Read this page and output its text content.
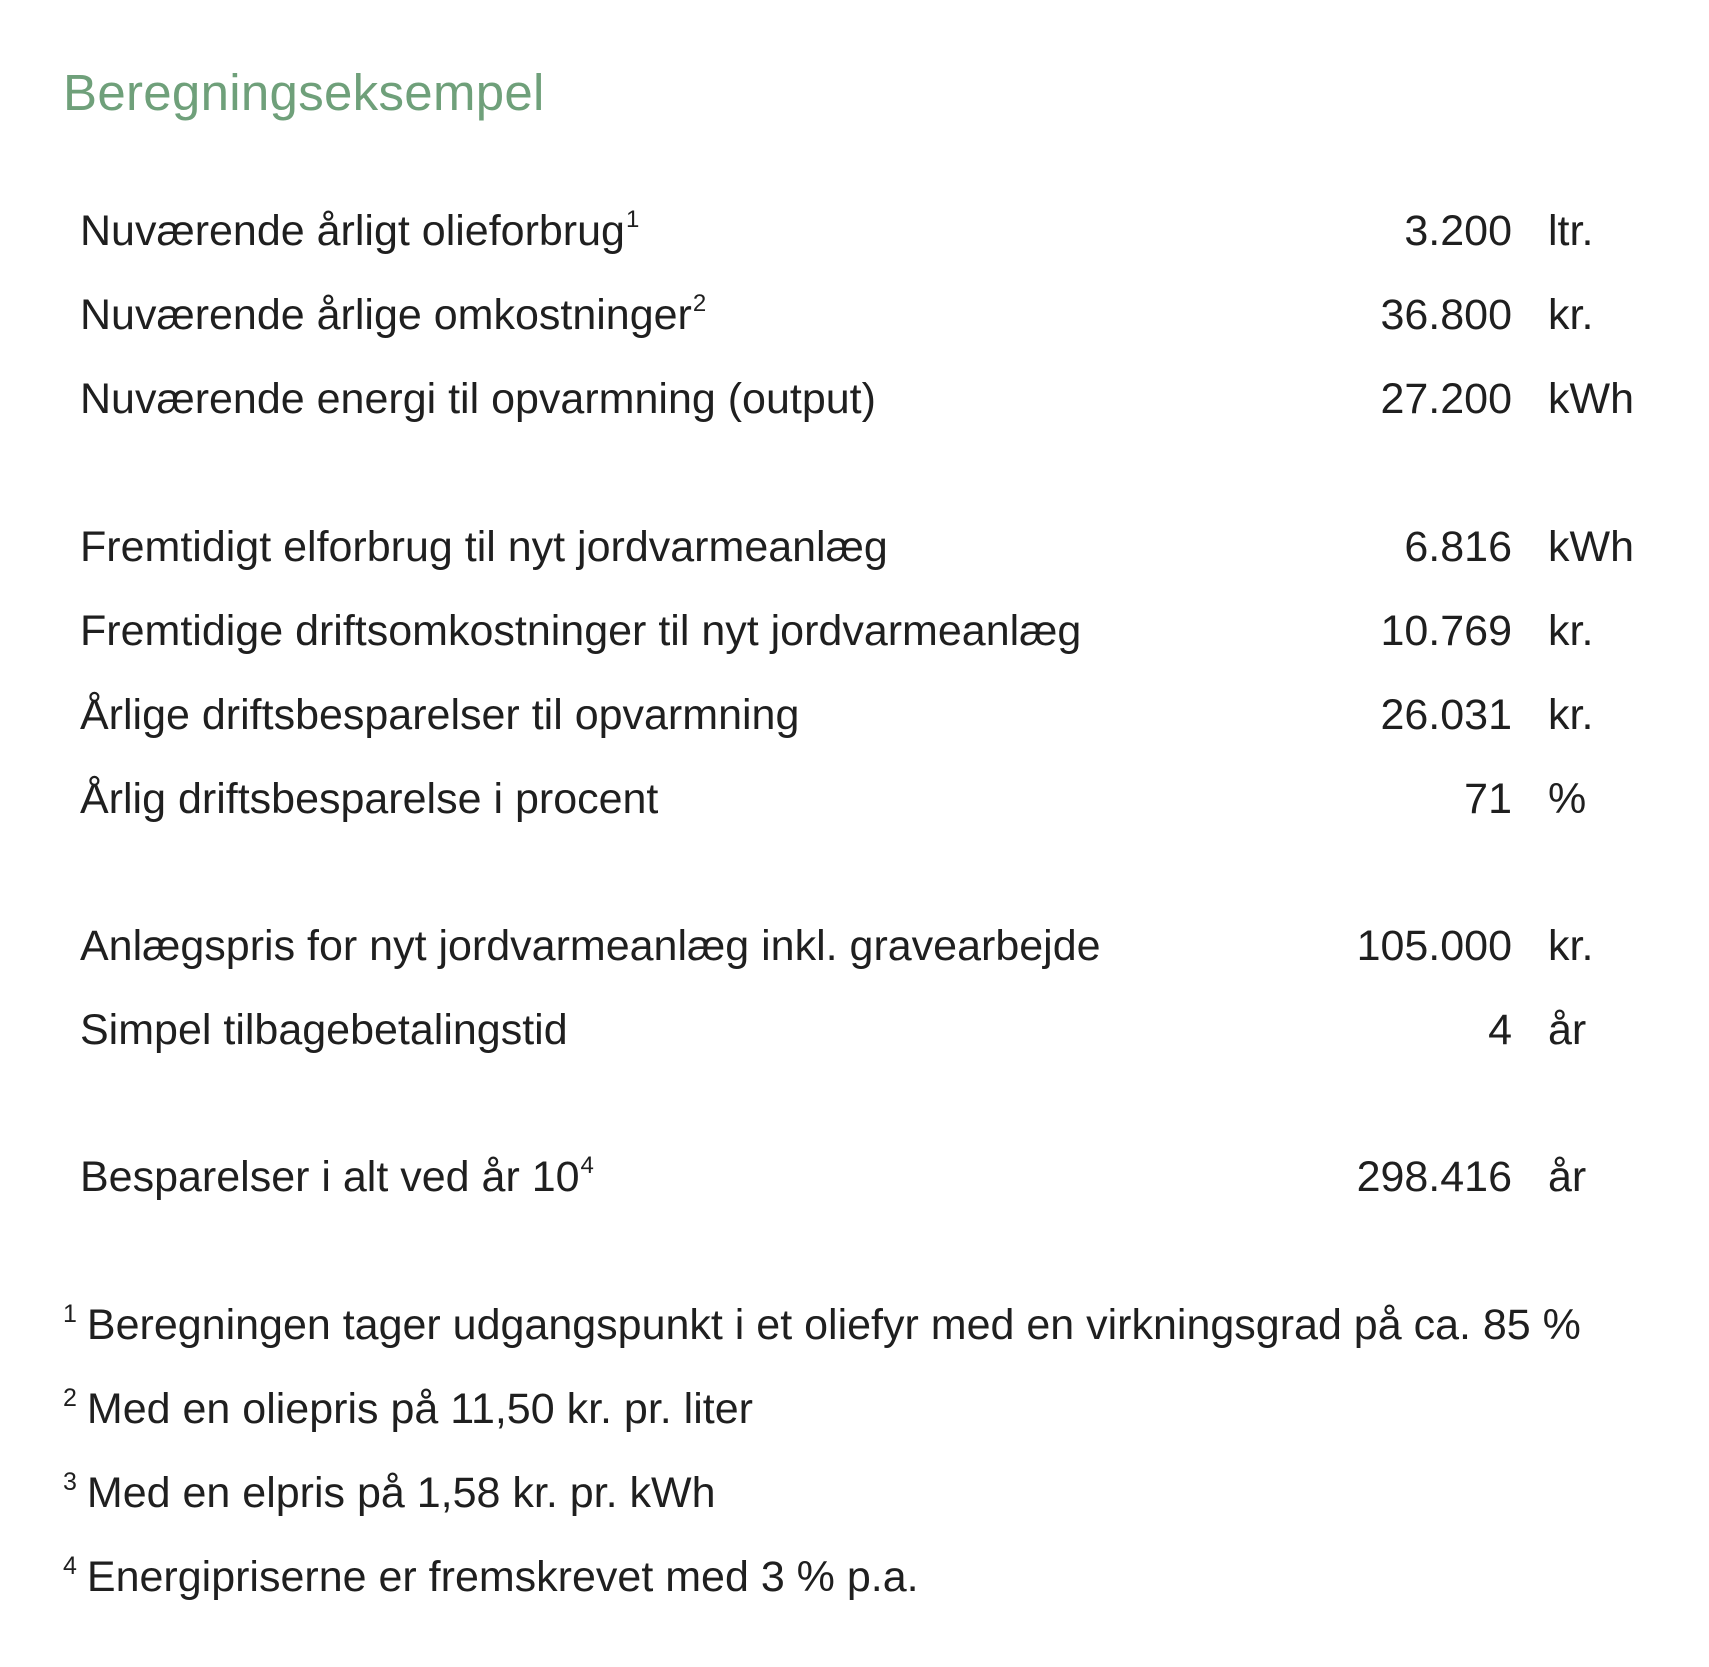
Beregningseksempel
Nuværende årligt olieforbrug$^1$	3.200 ltr.
Nuværende årlige omkostninger$^2$	36.800 kr.
Nuværende energi til opvarmning (output)	27.200 kWh
Fremtidigt elforbrug til nyt jordvarmeanlæg	6.816 kWh
Fremtidige driftsomkostninger til nyt jordvarmeanlæg	10.769 kr.
Årlige driftsbesparelser til opvarmning	26.031 kr.
Årlig driftsbesparelse i procent	71 %
Anlægspris for nyt jordvarmeanlæg inkl. gravearbejde	105.000 kr.
Simpel tilbagebetalingstid	4 år
Besparelser i alt ved år $10^4$	298.416 år
$^1$ Beregningen tager udgangspunkt i et oliefyr med en virkningsgrad på ca. 85 %
$^2$ Med en oliepris på 11,50 kr. pr. liter
$^3$ Med en elpris på 1,58 kr. pr. kWh
$^4$ Energipriserne er fremskrevet med 3 % p.a.
